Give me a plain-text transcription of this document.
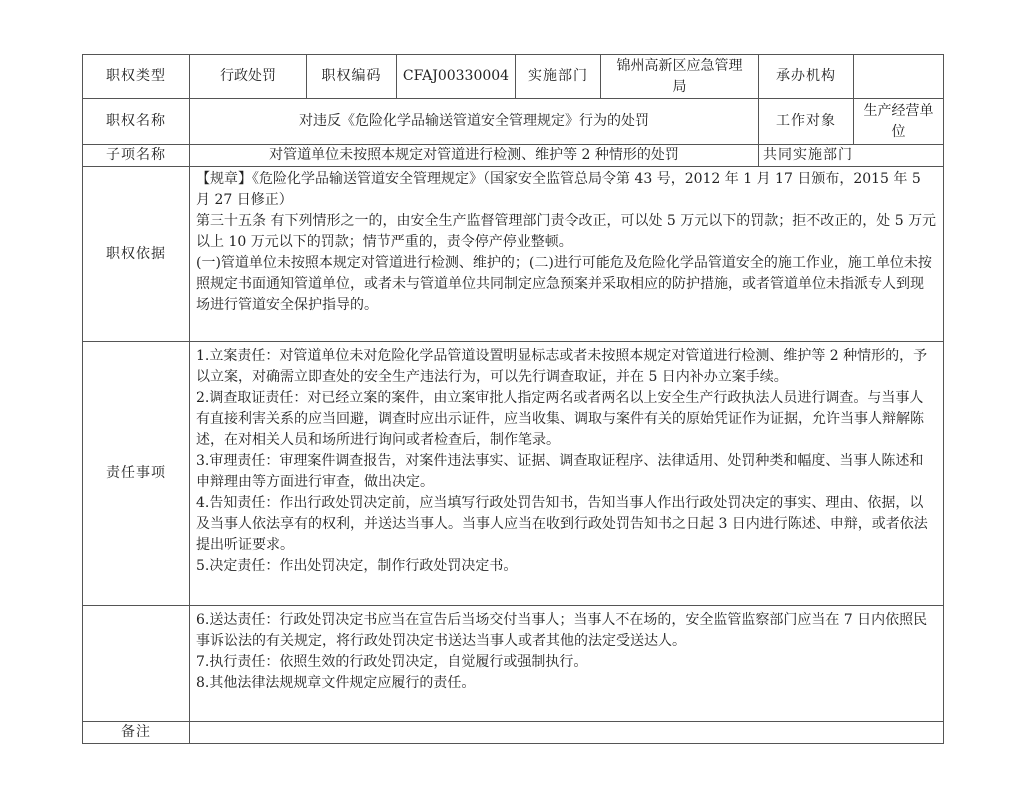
职权类型	行政处罚	职权编码	CFAJ00330004	实施部门	锦州高新区应急管理局	承办机构	
职权名称	对违反《危险化学品输送管道安全管理规定》行为的处罚					工作对象	生产经营单位
子项名称	对管道单位未按照本规定对管道进行检测、维护等 2 种情形的处罚					共同实施部门	
职权依据	【规章】《危险化学品输送管道安全管理规定》（国家安全监管总局令第 43 号，2012 年 1 月 17 日颁布，2015 年 5 月 27 日修正）

第三十五条 有下列情形之一的，由安全生产监督管理部门责令改正，可以处 5 万元以下的罚款；拒不改正的，处 5 万元以上 10 万元以下的罚款；情节严重的，责令停产停业整顿。

(一)管道单位未按照本规定对管道进行检测、维护的；(二)进行可能危及危险化学品管道安全的施工作业，施工单位未按照规定书面通知管道单位，或者未与管道单位共同制定应急预案并采取相应的防护措施，或者管道单位未指派专人到现场进行管道安全保护指导的。						

责任事项	1.立案责任：对管道单位未对危险化学品管道设置明显标志或者未按照本规定对管道进行检测、维护等 2 种情形的，予以立案，对确需立即查处的安全生产违法行为，可以先行调查取证，并在 5 日内补办立案手续。

2.调查取证责任：对已经立案的案件，由立案审批人指定两名或者两名以上安全生产行政执法人员进行调查。与当事人有直接利害关系的应当回避，调查时应出示证件，应当收集、调取与案件有关的原始凭证作为证据，允许当事人辩解陈述，在对相关人员和场所进行询问或者检查后，制作笔录。

3.审理责任：审理案件调查报告，对案件违法事实、证据、调查取证程序、法律适用、处罚种类和幅度、当事人陈述和申辩理由等方面进行审查，做出决定。

4.告知责任：作出行政处罚决定前，应当填写行政处罚告知书，告知当事人作出行政处罚决定的事实、理由、依据，以及当事人依法享有的权利，并送达当事人。当事人应当在收到行政处罚告知书之日起 3 日内进行陈述、申辩，或者依法提出听证要求。

5.决定责任：作出处罚决定，制作行政处罚决定书。						

	6.送达责任：行政处罚决定书应当在宣告后当场交付当事人；当事人不在场的，安全监管监察部门应当在 7 日内依照民事诉讼法的有关规定，将行政处罚决定书送达当事人或者其他的法定受送达人。

7.执行责任：依照生效的行政处罚决定，自觉履行或强制执行。

8.其他法律法规规章文件规定应履行的责任。						

备注							
